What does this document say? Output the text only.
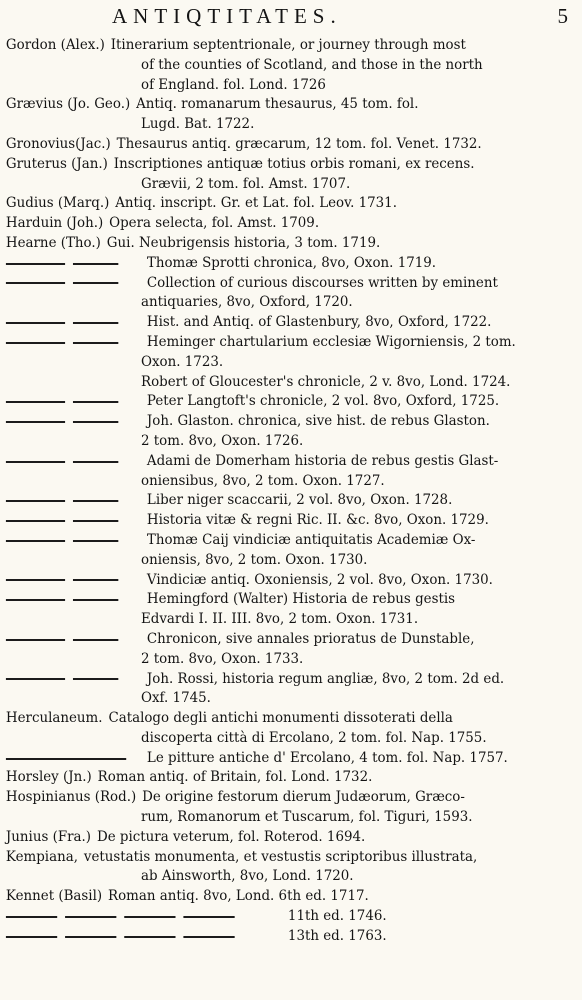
ANTIQTITATES.	5
Gordon (Alex.) Itinerarium septentrionale, or journey through most
of the counties of Scotland, and those in the north
of England. fol. Lond. 1726
Grævius (Jo. Geo.) Antiq. romanarum thesaurus, 45 tom. fol.
Lugd. Bat. 1722.
Gronovius(Jac.) Thesaurus antiq. græcarum, 12 tom. fol. Venet. 1732.
Gruterus (Jan.) Inscriptiones antiquæ totius orbis romani, ex recens.
Grævii, 2 tom. fol. Amst. 1707.
Gudius (Marq.) Antiq. inscript. Gr. et Lat. fol. Leov. 1731.
Harduin (Joh.) Opera selecta, fol. Amst. 1709.
Hearne (Tho.) Gui. Neubrigensis historia, 3 tom. 1719.
Thomæ Sprotti chronica, 8vo, Oxon. 1719.
Collection of curious discourses written by eminent
antiquaries, 8vo, Oxford, 1720.
Hist. and Antiq. of Glastenbury, 8vo, Oxford, 1722.
Heminger chartularium ecclesiæ Wigorniensis, 2 tom.
Oxon. 1723.
Robert of Gloucester's chronicle, 2 v. 8vo, Lond. 1724.
Peter Langtoft's chronicle, 2 vol. 8vo, Oxford, 1725.
Joh. Glaston. chronica, sive hist. de rebus Glaston.
2 tom. 8vo, Oxon. 1726.
Adami de Domerham historia de rebus gestis Glast-
oniensibus, 8vo, 2 tom. Oxon. 1727.
Liber niger scaccarii, 2 vol. 8vo, Oxon. 1728.
Historia vitæ & regni Ric. II. &c. 8vo, Oxon. 1729.
Thomæ Caij vindiciæ antiquitatis Academiæ Ox-
oniensis, 8vo, 2 tom. Oxon. 1730.
Vindiciæ antiq. Oxoniensis, 2 vol. 8vo, Oxon. 1730.
Hemingford (Walter) Historia de rebus gestis
Edvardi I. II. III. 8vo, 2 tom. Oxon. 1731.
Chronicon, sive annales prioratus de Dunstable,
2 tom. 8vo, Oxon. 1733.
Joh. Rossi, historia regum angliæ, 8vo, 2 tom. 2d ed.
Oxf. 1745.
Herculaneum. Catalogo degli antichi monumenti dissoterati della
discoperta città di Ercolano, 2 tom. fol. Nap. 1755.
Le pitture antiche d' Ercolano, 4 tom. fol. Nap. 1757.
Horsley (Jn.) Roman antiq. of Britain, fol. Lond. 1732.
Hospinianus (Rod.) De origine festorum dierum Judæorum, Græco-
rum, Romanorum et Tuscarum, fol. Tiguri, 1593.
Junius (Fra.) De pictura veterum, fol. Roterod. 1694.
Kempiana, vetustatis monumenta, et vestustis scriptoribus illustrata,
ab Ainsworth, 8vo, Lond. 1720.
Kennet (Basil) Roman antiq. 8vo, Lond. 6th ed. 1717.
11th ed. 1746.
13th ed. 1763.
